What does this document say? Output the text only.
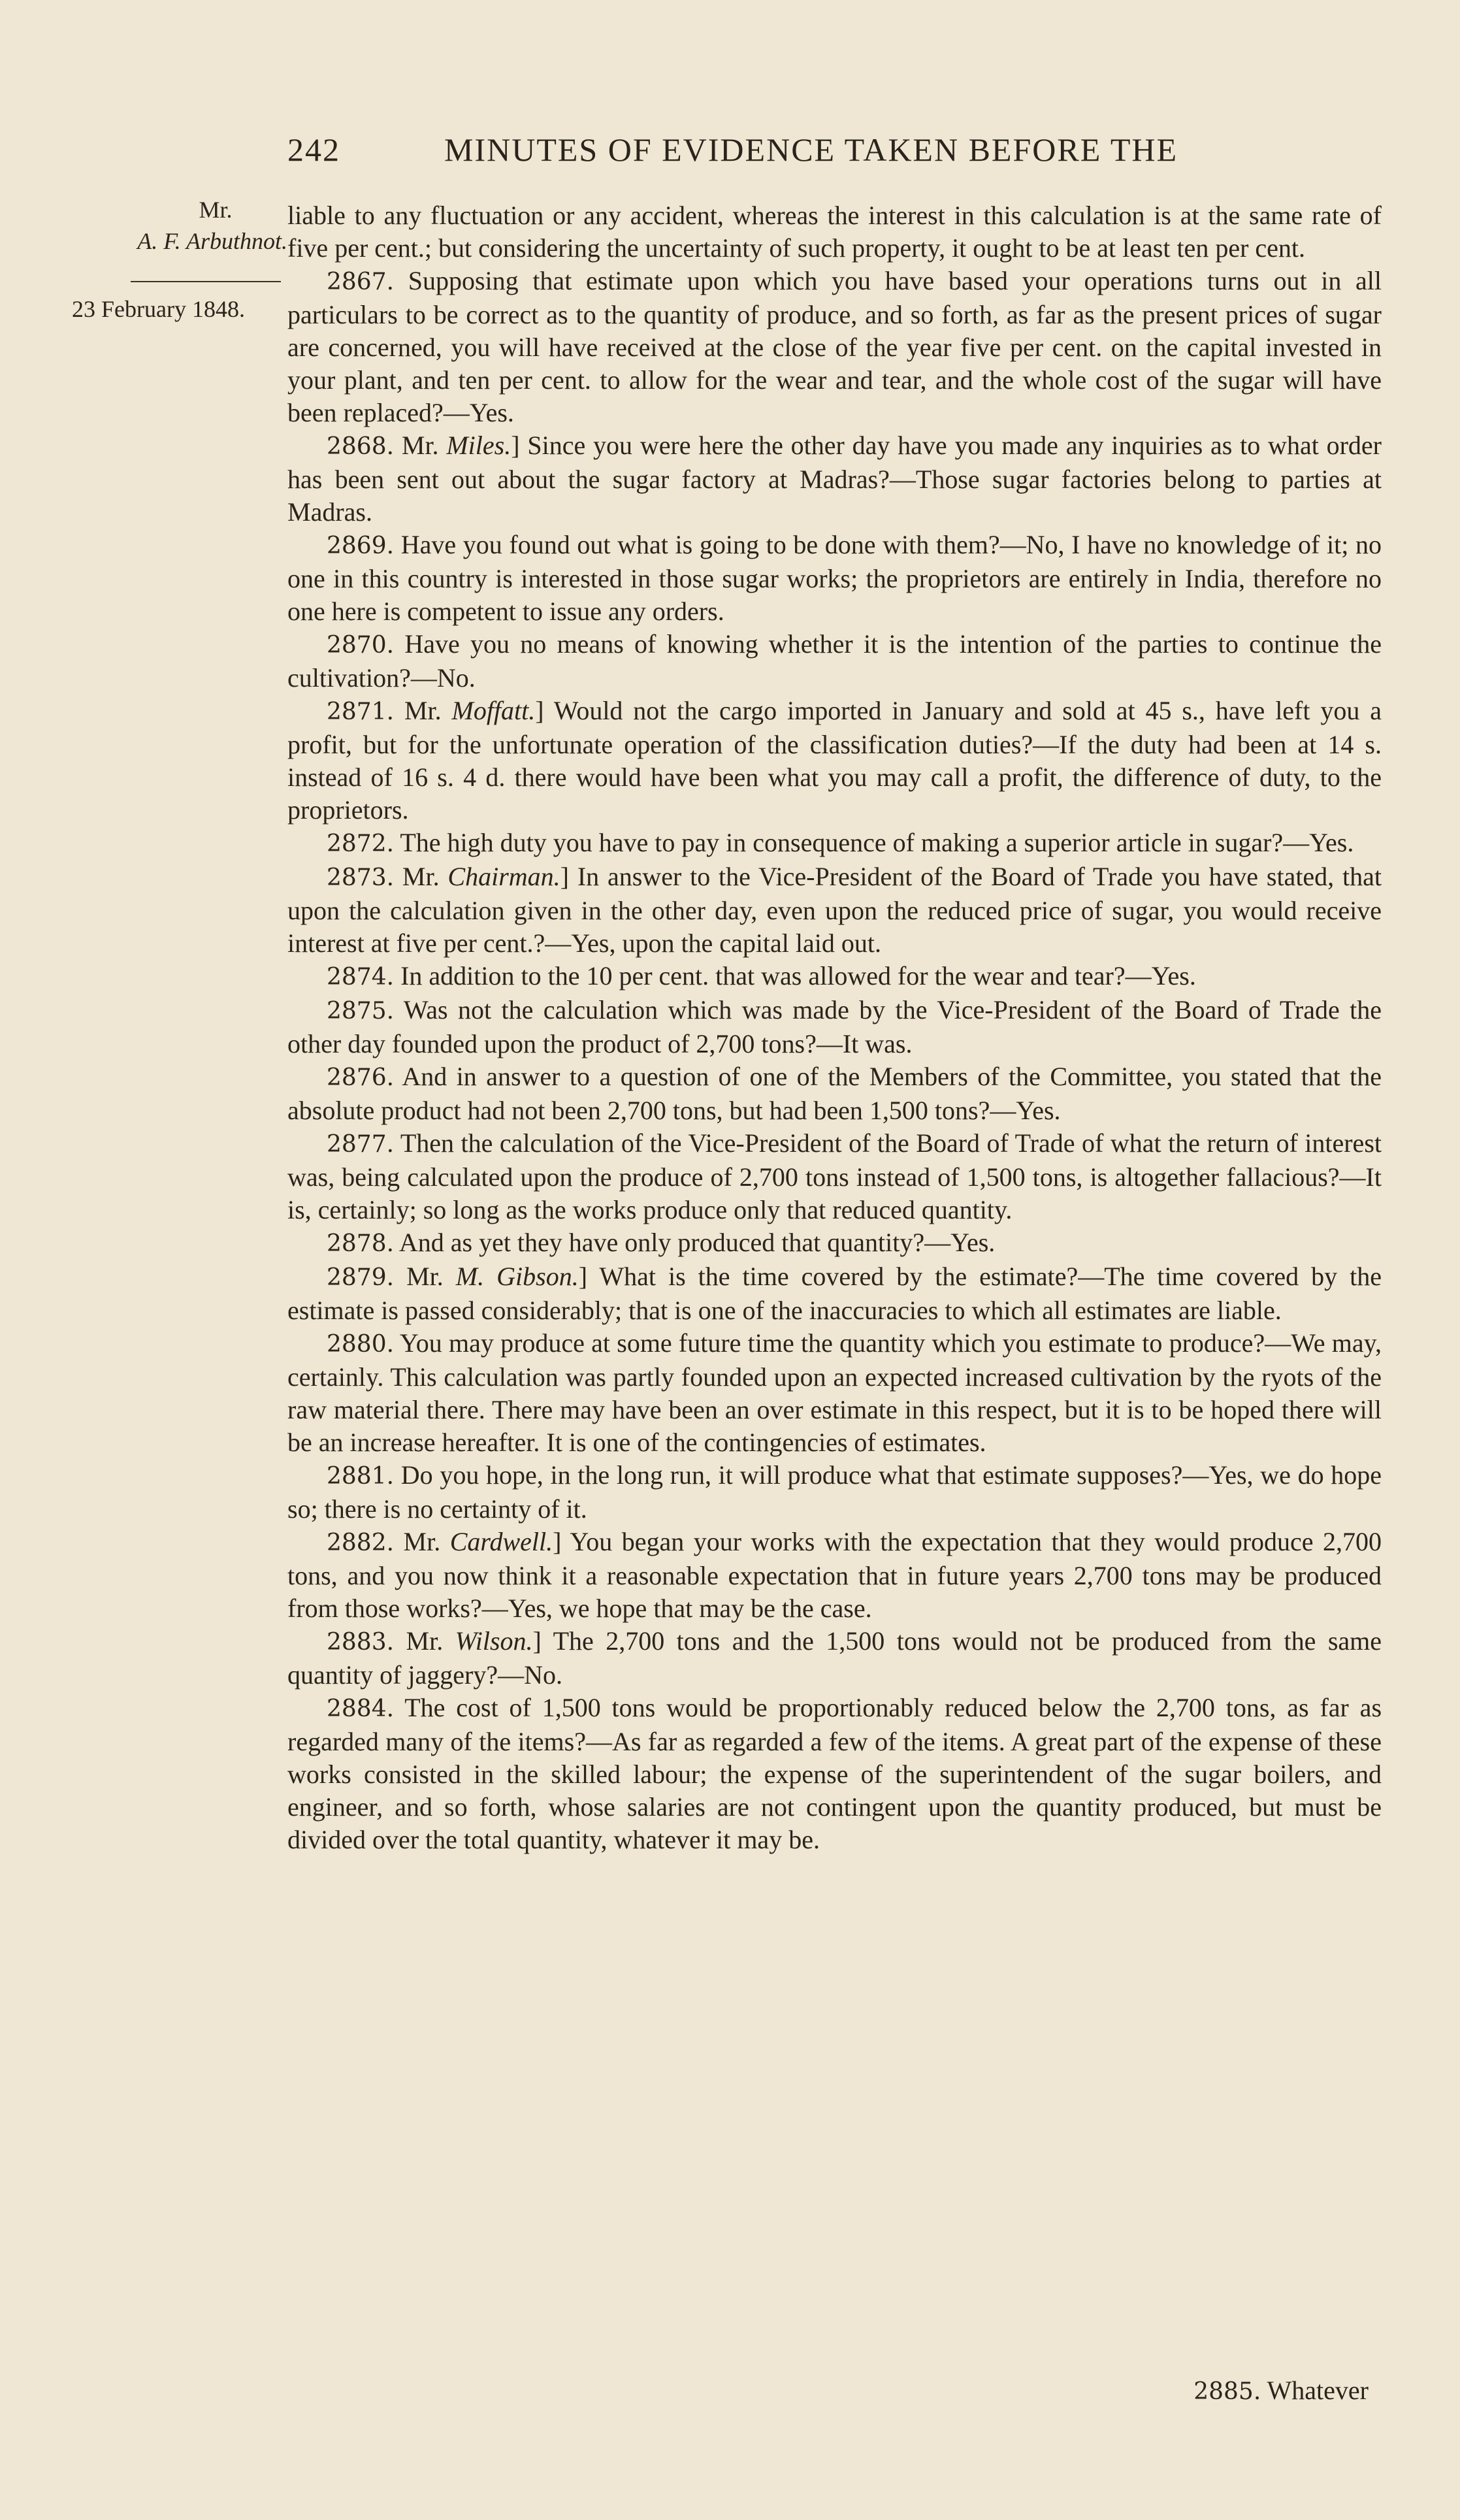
242	MINUTES OF EVIDENCE TAKEN BEFORE THE
Mr.
A. F. Arbuthnot.
23 February 1848.

liable to any fluctuation or any accident, whereas the interest in this calculation is at the same rate of five per cent.; but considering the uncertainty of such property, it ought to be at least ten per cent.

2867. Supposing that estimate upon which you have based your operations turns out in all particulars to be correct as to the quantity of produce, and so forth, as far as the present prices of sugar are concerned, you will have received at the close of the year five per cent. on the capital invested in your plant, and ten per cent. to allow for the wear and tear, and the whole cost of the sugar will have been replaced?—Yes.

2868. Mr. Miles.] Since you were here the other day have you made any inquiries as to what order has been sent out about the sugar factory at Madras?—Those sugar factories belong to parties at Madras.

2869. Have you found out what is going to be done with them?—No, I have no knowledge of it; no one in this country is interested in those sugar works; the proprietors are entirely in India, therefore no one here is competent to issue any orders.

2870. Have you no means of knowing whether it is the intention of the parties to continue the cultivation?—No.

2871. Mr. Moffatt.] Would not the cargo imported in January and sold at 45 s., have left you a profit, but for the unfortunate operation of the classification duties?—If the duty had been at 14 s. instead of 16 s. 4 d. there would have been what you may call a profit, the difference of duty, to the proprietors.

2872. The high duty you have to pay in consequence of making a superior article in sugar?—Yes.

2873. Mr. Chairman.] In answer to the Vice-President of the Board of Trade you have stated, that upon the calculation given in the other day, even upon the reduced price of sugar, you would receive interest at five per cent.?—Yes, upon the capital laid out.

2874. In addition to the 10 per cent. that was allowed for the wear and tear?—Yes.

2875. Was not the calculation which was made by the Vice-President of the Board of Trade the other day founded upon the product of 2,700 tons?—It was.

2876. And in answer to a question of one of the Members of the Committee, you stated that the absolute product had not been 2,700 tons, but had been 1,500 tons?—Yes.

2877. Then the calculation of the Vice-President of the Board of Trade of what the return of interest was, being calculated upon the produce of 2,700 tons instead of 1,500 tons, is altogether fallacious?—It is, certainly; so long as the works produce only that reduced quantity.

2878. And as yet they have only produced that quantity?—Yes.

2879. Mr. M. Gibson.] What is the time covered by the estimate?—The time covered by the estimate is passed considerably; that is one of the inaccuracies to which all estimates are liable.

2880. You may produce at some future time the quantity which you estimate to produce?—We may, certainly. This calculation was partly founded upon an expected increased cultivation by the ryots of the raw material there. There may have been an over estimate in this respect, but it is to be hoped there will be an increase hereafter. It is one of the contingencies of estimates.

2881. Do you hope, in the long run, it will produce what that estimate supposes?—Yes, we do hope so; there is no certainty of it.

2882. Mr. Cardwell.] You began your works with the expectation that they would produce 2,700 tons, and you now think it a reasonable expectation that in future years 2,700 tons may be produced from those works?—Yes, we hope that may be the case.

2883. Mr. Wilson.] The 2,700 tons and the 1,500 tons would not be produced from the same quantity of jaggery?—No.

2884. The cost of 1,500 tons would be proportionably reduced below the 2,700 tons, as far as regarded many of the items?—As far as regarded a few of the items. A great part of the expense of these works consisted in the skilled labour; the expense of the superintendent of the sugar boilers, and engineer, and so forth, whose salaries are not contingent upon the quantity produced, but must be divided over the total quantity, whatever it may be.

2885. Whatever
